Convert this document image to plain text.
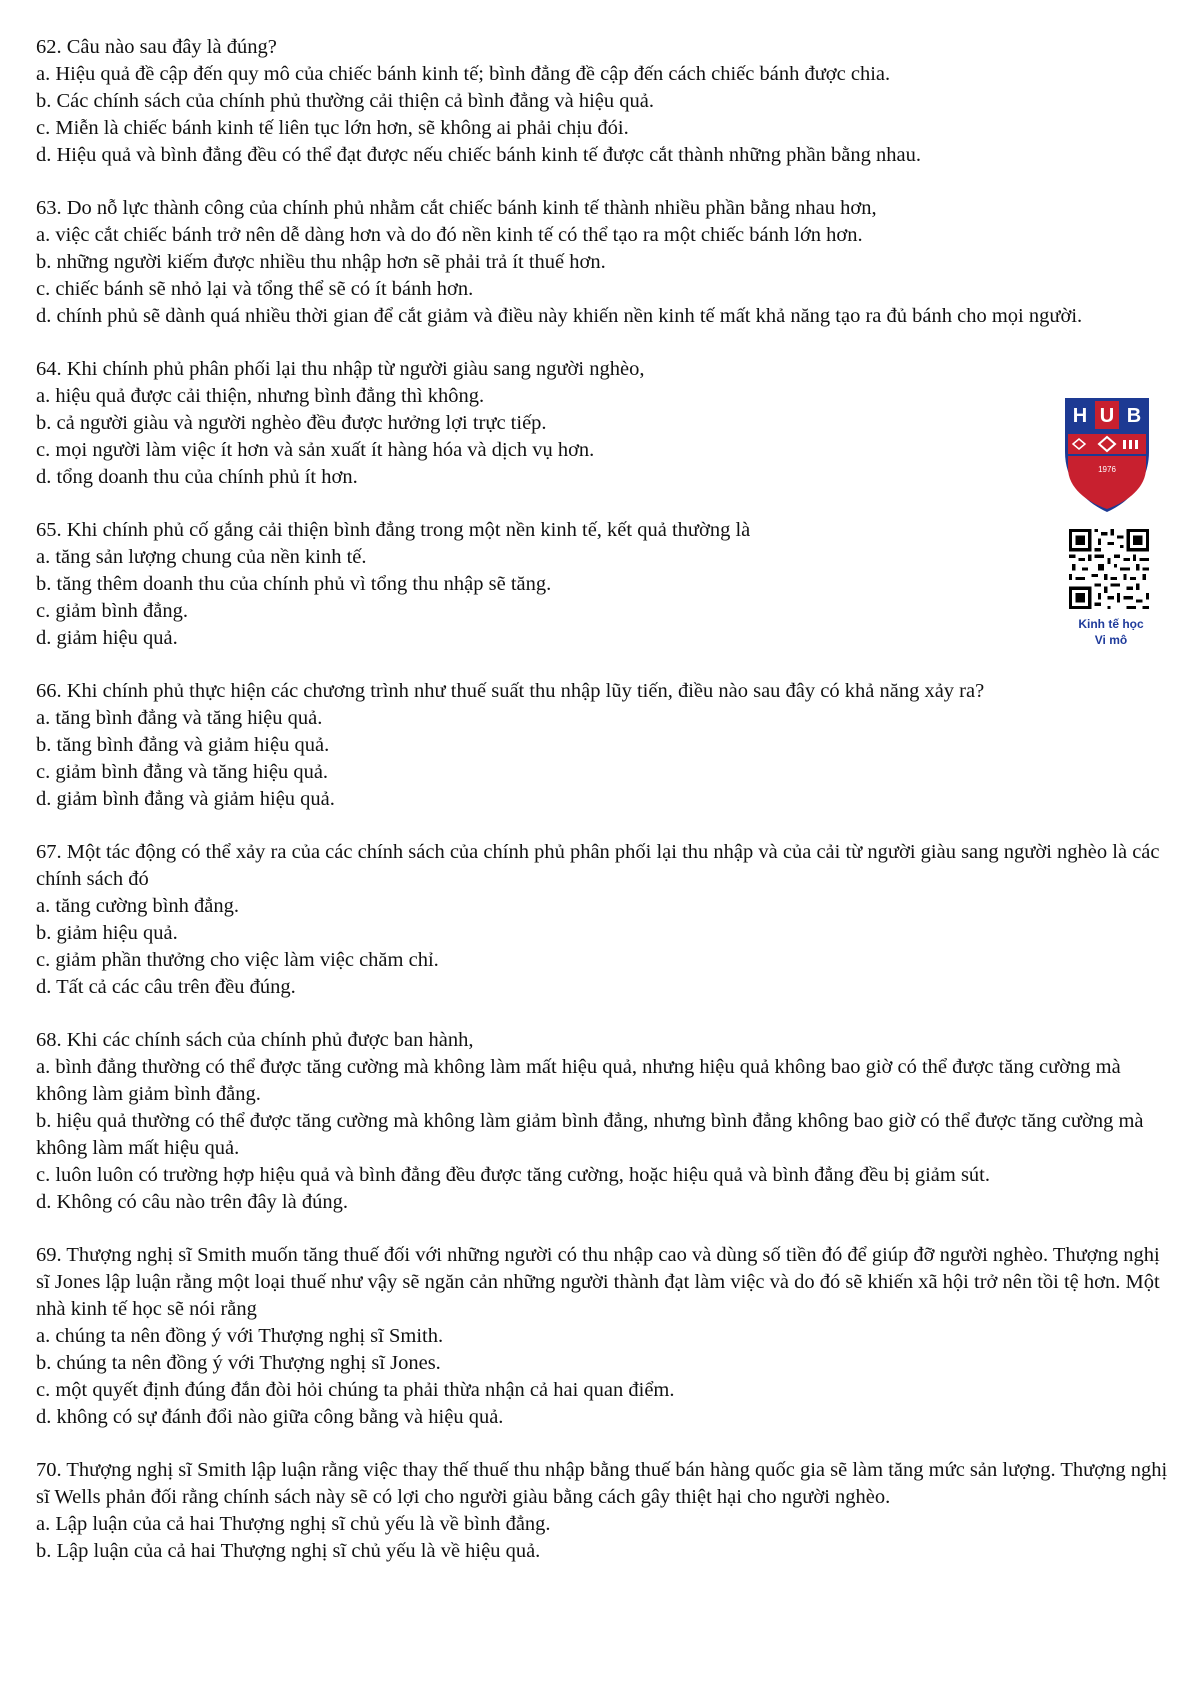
62. Câu nào sau đây là đúng?

a. Hiệu quả đề cập đến quy mô của chiếc bánh kinh tế; bình đẳng đề cập đến cách chiếc bánh được chia.

b. Các chính sách của chính phủ thường cải thiện cả bình đẳng và hiệu quả.

c. Miễn là chiếc bánh kinh tế liên tục lớn hơn, sẽ không ai phải chịu đói.

d. Hiệu quả và bình đẳng đều có thể đạt được nếu chiếc bánh kinh tế được cắt thành những phần bằng nhau.

63. Do nỗ lực thành công của chính phủ nhằm cắt chiếc bánh kinh tế thành nhiều phần bằng nhau hơn,

a. việc cắt chiếc bánh trở nên dễ dàng hơn và do đó nền kinh tế có thể tạo ra một chiếc bánh lớn hơn.

b. những người kiếm được nhiều thu nhập hơn sẽ phải trả ít thuế hơn.

c. chiếc bánh sẽ nhỏ lại và tổng thể sẽ có ít bánh hơn.

d. chính phủ sẽ dành quá nhiều thời gian để cắt giảm và điều này khiến nền kinh tế mất khả năng tạo ra đủ bánh cho mọi người.

64. Khi chính phủ phân phối lại thu nhập từ người giàu sang người nghèo,

a. hiệu quả được cải thiện, nhưng bình đẳng thì không.

b. cả người giàu và người nghèo đều được hưởng lợi trực tiếp.

c. mọi người làm việc ít hơn và sản xuất ít hàng hóa và dịch vụ hơn.

d. tổng doanh thu của chính phủ ít hơn.

65. Khi chính phủ cố gắng cải thiện bình đẳng trong một nền kinh tế, kết quả thường là

a. tăng sản lượng chung của nền kinh tế.

b. tăng thêm doanh thu của chính phủ vì tổng thu nhập sẽ tăng.

c. giảm bình đẳng.

d. giảm hiệu quả.

66. Khi chính phủ thực hiện các chương trình như thuế suất thu nhập lũy tiến, điều nào sau đây có khả năng xảy ra?

a. tăng bình đẳng và tăng hiệu quả.

b. tăng bình đẳng và giảm hiệu quả.

c. giảm bình đẳng và tăng hiệu quả.

d. giảm bình đẳng và giảm hiệu quả.

67. Một tác động có thể xảy ra của các chính sách của chính phủ phân phối lại thu nhập và của cải từ người giàu sang người nghèo là các chính sách đó

a. tăng cường bình đẳng.

b. giảm hiệu quả.

c. giảm phần thưởng cho việc làm việc chăm chỉ.

d. Tất cả các câu trên đều đúng.

68. Khi các chính sách của chính phủ được ban hành,

a. bình đẳng thường có thể được tăng cường mà không làm mất hiệu quả, nhưng hiệu quả không bao giờ có thể được tăng cường mà không làm giảm bình đẳng.

b. hiệu quả thường có thể được tăng cường mà không làm giảm bình đẳng, nhưng bình đẳng không bao giờ có thể được tăng cường mà không làm mất hiệu quả.

c. luôn luôn có trường hợp hiệu quả và bình đẳng đều được tăng cường, hoặc hiệu quả và bình đẳng đều bị giảm sút.

d. Không có câu nào trên đây là đúng.

69. Thượng nghị sĩ Smith muốn tăng thuế đối với những người có thu nhập cao và dùng số tiền đó để giúp đỡ người nghèo. Thượng nghị sĩ Jones lập luận rằng một loại thuế như vậy sẽ ngăn cản những người thành đạt làm việc và do đó sẽ khiến xã hội trở nên tồi tệ hơn. Một nhà kinh tế học sẽ nói rằng

a. chúng ta nên đồng ý với Thượng nghị sĩ Smith.

b. chúng ta nên đồng ý với Thượng nghị sĩ Jones.

c. một quyết định đúng đắn đòi hỏi chúng ta phải thừa nhận cả hai quan điểm.

d. không có sự đánh đổi nào giữa công bằng và hiệu quả.

70. Thượng nghị sĩ Smith lập luận rằng việc thay thế thuế thu nhập bằng thuế bán hàng quốc gia sẽ làm tăng mức sản lượng. Thượng nghị sĩ Wells phản đối rằng chính sách này sẽ có lợi cho người giàu bằng cách gây thiệt hại cho người nghèo.

a. Lập luận của cả hai Thượng nghị sĩ chủ yếu là về bình đẳng.

b. Lập luận của cả hai Thượng nghị sĩ chủ yếu là về hiệu quả.

H U B
1976
Kinh tế học
Vi mô
